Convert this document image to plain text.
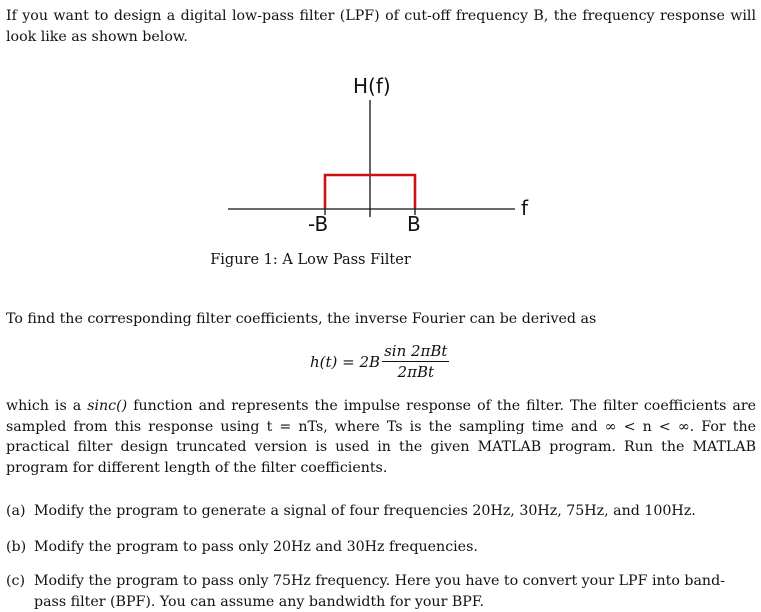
If you want to design a digital low-pass filter (LPF) of cut-off frequency B, the frequency response will look like as shown below.

H(f)
f
-B	B
Figure 1: A Low Pass Filter

To find the corresponding filter coefficients, the inverse Fourier can be derived as

$h(t) = 2B \frac{\text{sin 2πBt}}{\text{2πBt}}$

which is a sinc() function and represents the impulse response of the filter. The filter coefficients are sampled from this response using t = nTs, where Ts is the sampling time and ∞ < n < ∞. For the practical filter design truncated version is used in the given MATLAB program. Run the MATLAB program for different length of the filter coefficients.

(a) Modify the program to generate a signal of four frequencies 20Hz, 30Hz, 75Hz, and 100Hz.
(b) Modify the program to pass only 20Hz and 30Hz frequencies.
(c) Modify the program to pass only 75Hz frequency. Here you have to convert your LPF into band-pass filter (BPF). You can assume any bandwidth for your BPF.
